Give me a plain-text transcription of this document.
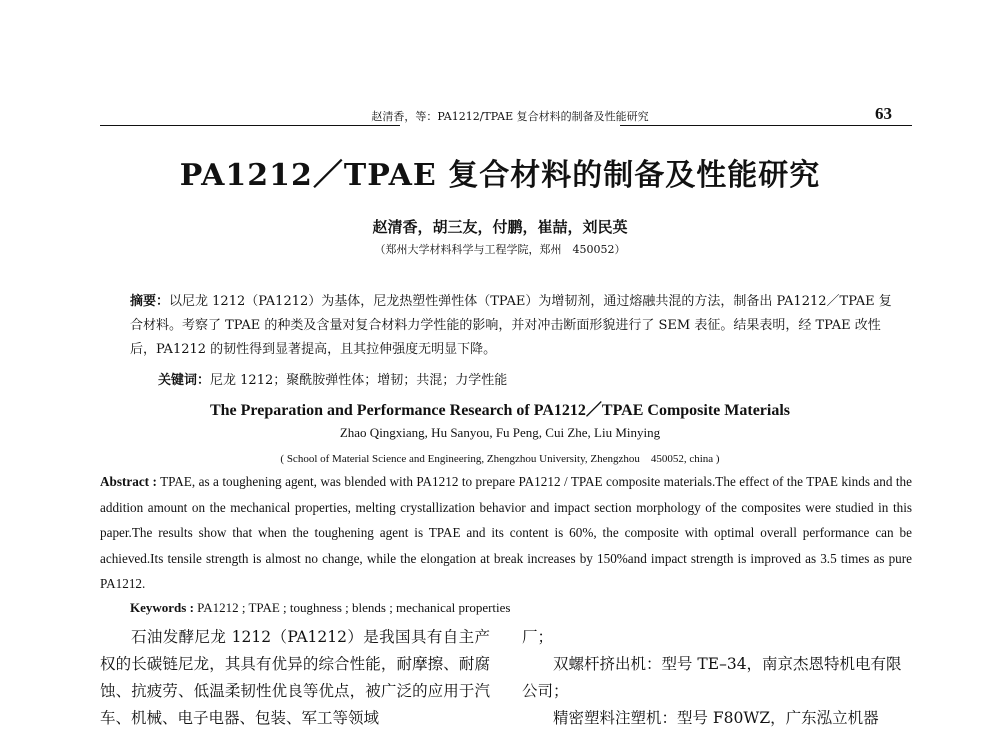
赵清香，等：PA1212/TPAE 复合材料的制备及性能研究	63
PA1212／TPAE 复合材料的制备及性能研究
赵清香，胡三友，付鹏，崔喆，刘民英
（郑州大学材料科学与工程学院，郑州　450052）
摘要：以尼龙 1212（PA1212）为基体，尼龙热塑性弹性体（TPAE）为增韧剂，通过熔融共混的方法，制备出 PA1212／TPAE 复合材料。考察了 TPAE 的种类及含量对复合材料力学性能的影响，并对冲击断面形貌进行了 SEM 表征。结果表明，经 TPAE 改性后，PA1212 的韧性得到显著提高，且其拉伸强度无明显下降。
关键词：尼龙 1212；聚酰胺弹性体；增韧；共混；力学性能
The Preparation and Performance Research of PA1212／TPAE Composite Materials
Zhao Qingxiang, Hu Sanyou, Fu Peng, Cui Zhe, Liu Minying
( School of Material Science and Engineering, Zhengzhou University, Zhengzhou　450052, china )
Abstract : TPAE, as a toughening agent, was blended with PA1212 to prepare PA1212 / TPAE composite materials.The effect of the TPAE kinds and the addition amount on the mechanical properties, melting crystallization behavior and impact section morphology of the composites were studied in this paper.The results show that when the toughening agent is TPAE and its content is 60%, the composite with optimal overall performance can be achieved.Its tensile strength is almost no change, while the elongation at break increases by 150%and impact strength is improved as 3.5 times as pure PA1212.
Keywords : PA1212 ; TPAE ; toughness ; blends ; mechanical properties
石油发酵尼龙 1212（PA1212）是我国具有自主产权的长碳链尼龙，其具有优异的综合性能，耐摩擦、耐腐蚀、抗疲劳、低温柔韧性优良等优点，被广泛的应用于汽车、机械、电子电器、包装、军工等领域

厂；

双螺杆挤出机：型号 TE–34，南京杰恩特机电有限公司；

精密塑料注塑机：型号 F80WZ，广东泓立机器
